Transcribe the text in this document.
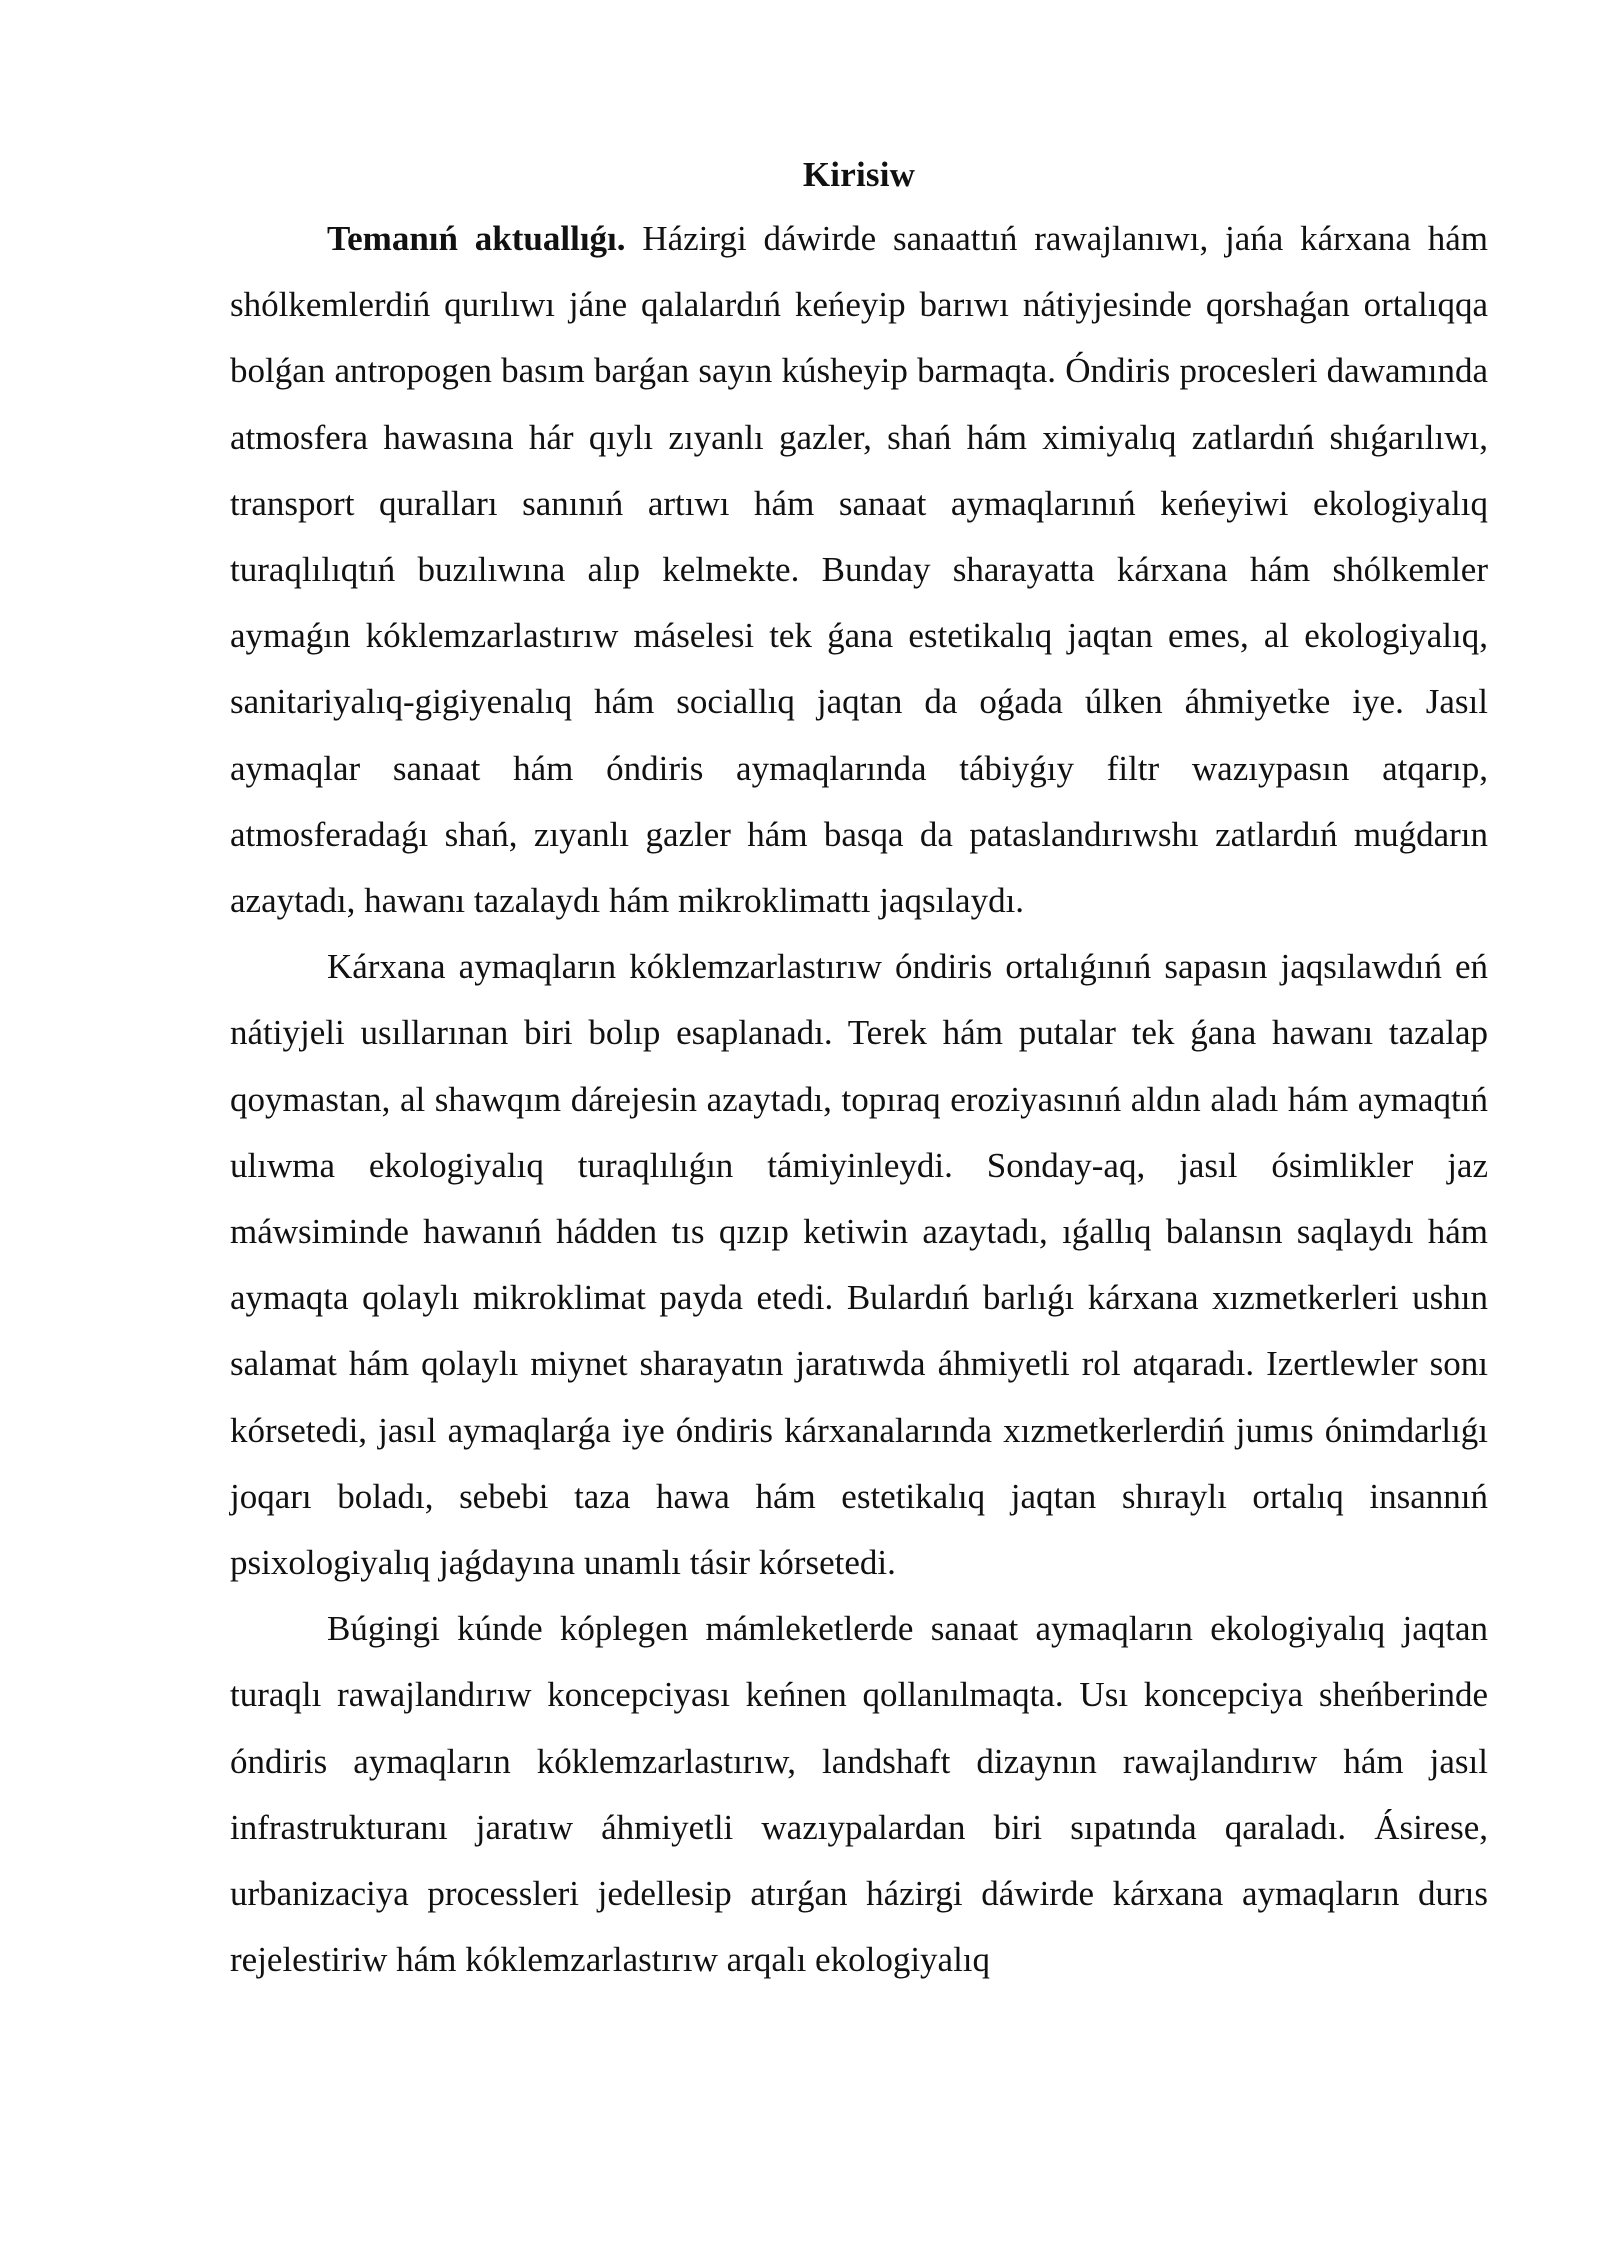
Kirisiw

Temanıń aktuallıǵı. Házirgi dáwirde sanaattıń rawajlanıwı, jańa kárxana hám shólkemlerdiń qurılıwı jáne qalalardıń keńeyip barıwı nátiyjesinde qorshaǵan ortalıqqa bolǵan antropogen basım barǵan sayın kúsheyip barmaqta. Óndiris procesleri dawamında atmosfera hawasına hár qıylı zıyanlı gazler, shań hám ximiyalıq zatlardıń shıǵarılıwı, transport quralları sanınıń artıwı hám sanaat aymaqlarınıń keńeyiwi ekologiyalıq turaqlılıqtıń buzılıwına alıp kelmekte. Bunday sharayatta kárxana hám shólkemler aymaǵın kóklemzarlastırıw máselesi tek ǵana estetikalıq jaqtan emes, al ekologiyalıq, sanitariyalıq-gigiyenalıq hám sociallıq jaqtan da oǵada úlken áhmiyetke iye. Jasıl aymaqlar sanaat hám óndiris aymaqlarında tábiyǵıy filtr wazıypasın atqarıp, atmosferadaǵı shań, zıyanlı gazler hám basqa da pataslandırıwshı zatlardıń muǵdarın azaytadı, hawanı tazalaydı hám mikroklimattı jaqsılaydı.

Kárxana aymaqların kóklemzarlastırıw óndiris ortalıǵınıń sapasın jaqsılawdıń eń nátiyjeli usıllarınan biri bolıp esaplanadı. Terek hám putalar tek ǵana hawanı tazalap qoymastan, al shawqım dárejesin azaytadı, topıraq eroziyasınıń aldın aladı hám aymaqtıń ulıwma ekologiyalıq turaqlılıǵın támiyinleydi. Sonday-aq, jasıl ósimlikler jaz máwsiminde hawanıń hádden tıs qızıp ketiwin azaytadı, ıǵallıq balansın saqlaydı hám aymaqta qolaylı mikroklimat payda etedi. Bulardıń barlıǵı kárxana xızmetkerleri ushın salamat hám qolaylı miynet sharayatın jaratıwda áhmiyetli rol atqaradı. Izertlewler sonı kórsetedi, jasıl aymaqlarǵa iye óndiris kárxanalarında xızmetkerlerdiń jumıs ónimdarlıǵı joqarı boladı, sebebi taza hawa hám estetikalıq jaqtan shıraylı ortalıq insannıń psixologiyalıq jaǵdayına unamlı tásir kórsetedi.

Búgingi kúnde kóplegen mámleketlerde sanaat aymaqların ekologiyalıq jaqtan turaqlı rawajlandırıw koncepciyası keńnen qollanılmaqta. Usı koncepciya sheńberinde óndiris aymaqların kóklemzarlastırıw, landshaft dizaynın rawajlandırıw hám jasıl infrastrukturanı jaratıw áhmiyetli wazıypalardan biri sıpatında qaraladı. Ásirese, urbanizaciya processleri jedellesip atırǵan házirgi dáwirde kárxana aymaqların durıs rejelestiriw hám kóklemzarlastırıw arqalı ekologiyalıq
